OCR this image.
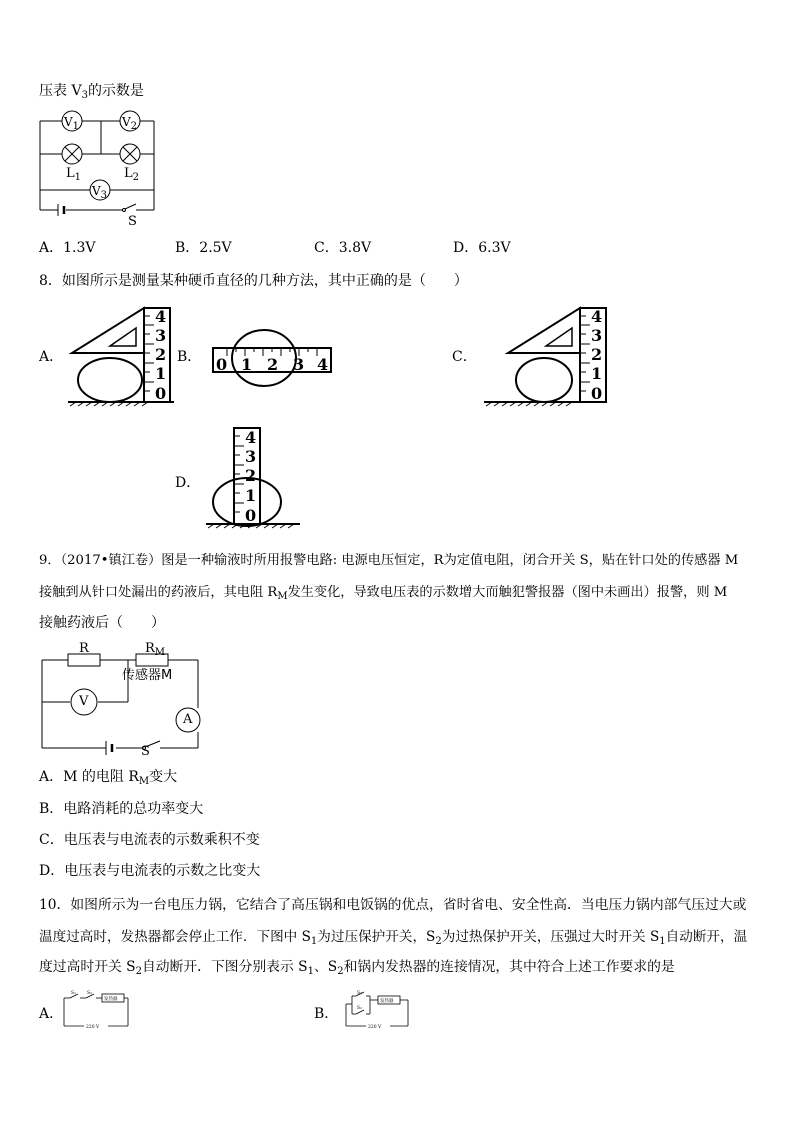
压表 $V_3$的示数是
$V_1$	$V_2$
$V_3$
$L_1$	$L_2$
S
A．1.3V	B．2.5V	C．3.8V	D．6.3V
8．如图所示是测量某种硬币直径的几种方法，其中正确的是（　　）
A．
4
3
2
1
0
B． 0 1 2 3 4	C．
4
3
2
1
0
D．
4
3
2
1
0
9．（2017•镇江卷）图是一种输液时所用报警电路: 电源电压恒定，R为定值电阻，闭合开关 S，贴在针口处的传感器 M
接触到从针口处漏出的药液后，其电阻 $R_M$发生变化，导致电压表的示数增大而触犯警报器（图中未画出）报警，则 M
接触药液后（　　）
R	$R_M$
传感器M
V
A
S
A．M 的电阻 $R_M$变大
B．电路消耗的总功率变大
C．电压表与电流表的示数乘积不变
D．电压表与电流表的示数之比变大
10．如图所示为一台电压力锅，它结合了高压锅和电饭锅的优点，省时省电、安全性高．当电压力锅内部气压过大或
温度过高时，发热器都会停止工作．下图中 $S_1$为过压保护开关，$S_2$为过热保护开关，压强过大时开关 $S_1$自动断开，温
度过高时开关 $S_2$自动断开．下图分别表示 $S_1$、$S_2$和锅内发热器的连接情况，其中符合上述工作要求的是
A．
S₁ S₂
发热器
220 V
B．
S₁
S₂
发热器
220 V
